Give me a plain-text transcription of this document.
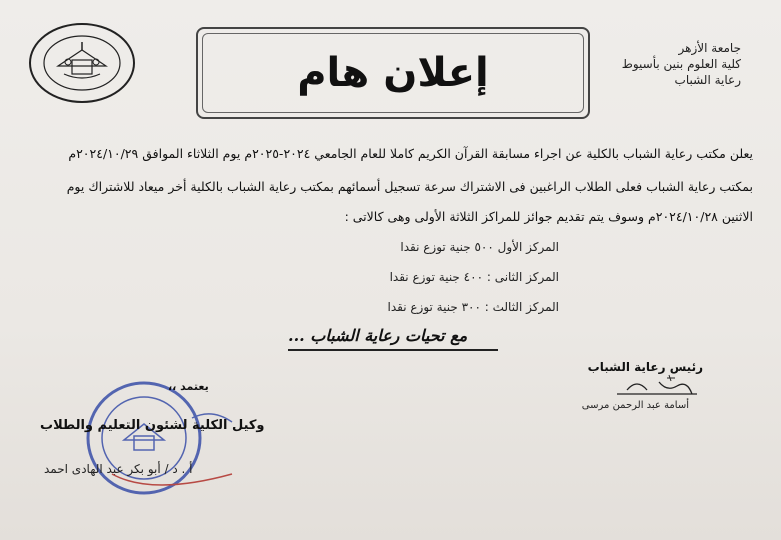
جامعة الأزهر
كلية العلوم بنين بأسيوط
رعاية الشباب
إعلان هام
يعلن مكتب رعاية الشباب بالكلية عن اجراء مسابقة القرآن الكريم كاملا للعام الجامعي ٢٠٢٤-٢٠٢٥م يوم الثلاثاء الموافق ٢٠٢٤/١٠/٢٩م
بمكتب رعاية الشباب فعلى الطلاب الراغبين فى الاشتراك سرعة تسجيل أسمائهم بمكتب رعاية الشباب بالكلية أخر ميعاد للاشتراك يوم
الاثنين ٢٠٢٤/١٠/٢٨م وسوف يتم تقديم جوائز للمراكز الثلاثة الأولى وهى كالاتى :
المركز الأول ٥٠٠ جنية توزع نقدا
المركز الثانى : ٤٠٠ جنية توزع نقدا
المركز الثالث : ٣٠٠ جنية توزع نقدا
مع تحيات رعاية الشباب ...
رئيس رعاية الشباب
أسامة عبد الرحمن مرسى
يعتمد ،،
وكيل الكلية لشئون التعليم والطلاب
أ . د / أبو بكر عبد الهادى احمد
